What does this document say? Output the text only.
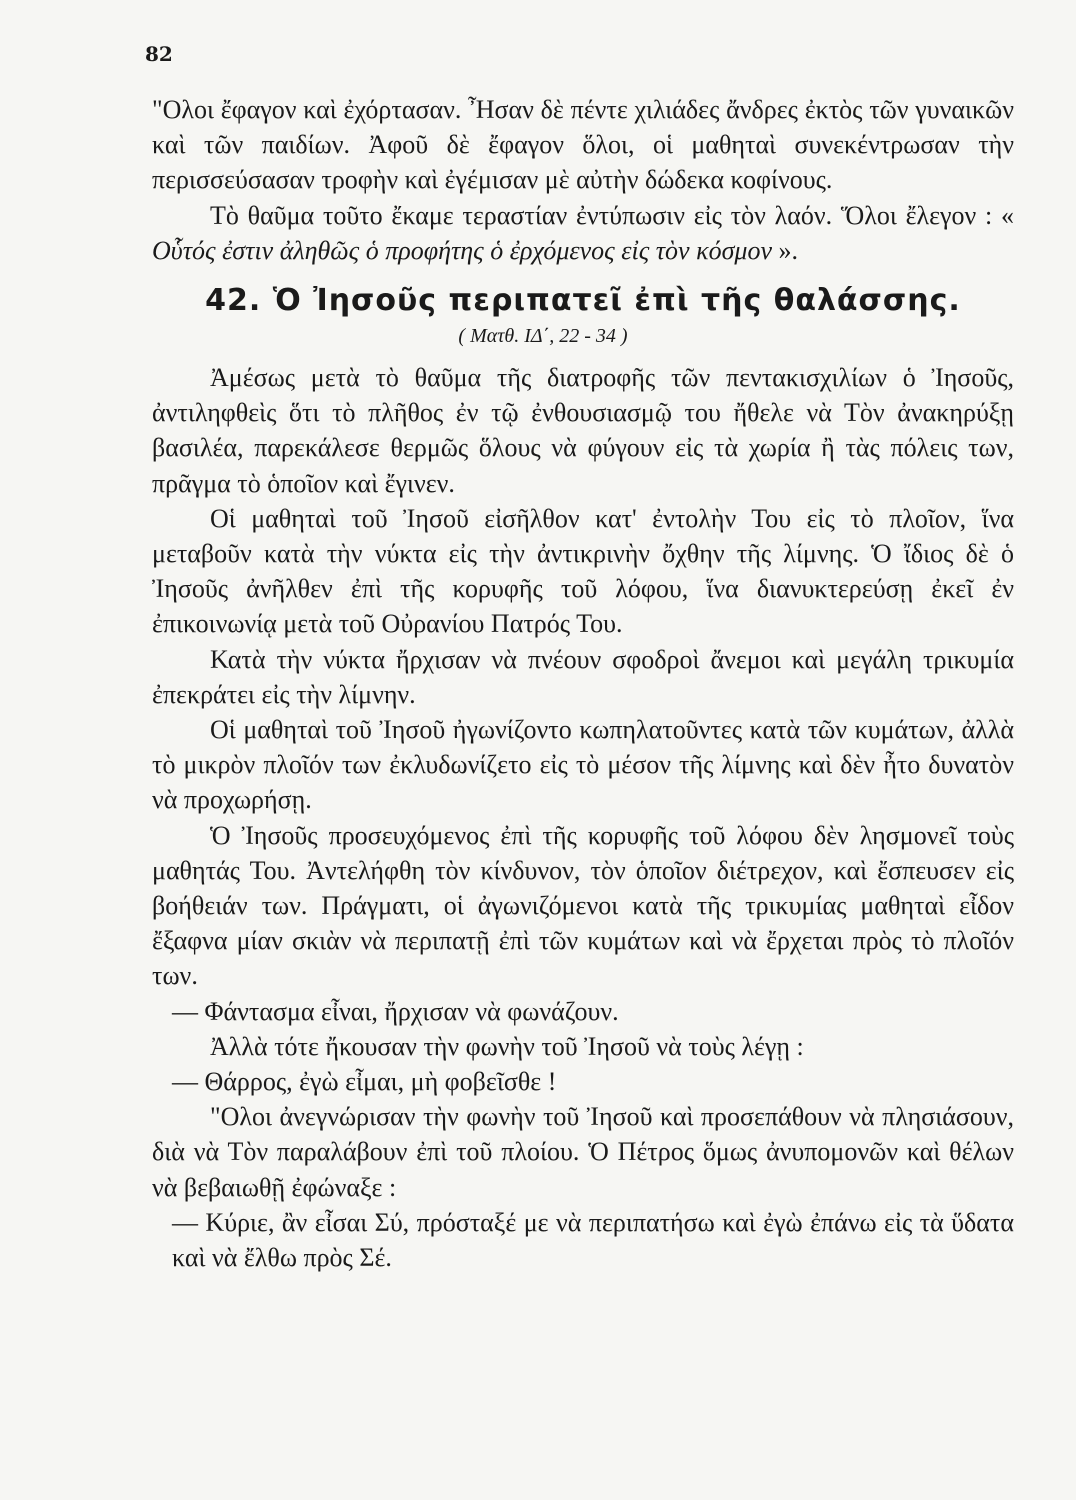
82

"Ολοι ἔφαγον καὶ ἐχόρτασαν. Ἦσαν δὲ πέντε χιλιάδες ἄνδρες ἐκτὸς τῶν γυναικῶν καὶ τῶν παιδίων. Ἀφοῦ δὲ ἔφαγον ὅλοι, οἱ μαθηταὶ συνεκέντρωσαν τὴν περισσεύσασαν τροφὴν καὶ ἐγέμισαν μὲ αὐτὴν δώδεκα κοφίνους.

Τὸ θαῦμα τοῦτο ἔκαμε τεραστίαν ἐντύπωσιν εἰς τὸν λαόν. Ὅλοι ἔλεγον : « Οὗτός ἐστιν ἀληθῶς ὁ προφήτης ὁ ἐρχόμενος εἰς τὸν κόσμον ».

42. Ὁ Ἰησοῦς περιπατεῖ ἐπὶ τῆς θαλάσσης.
( Ματθ. ΙΔ΄, 22 - 34 )

Ἀμέσως μετὰ τὸ θαῦμα τῆς διατροφῆς τῶν πεντακισχιλίων ὁ Ἰησοῦς, ἀντιληφθεὶς ὅτι τὸ πλῆθος ἐν τῷ ἐνθουσιασμῷ του ἤθελε νὰ Τὸν ἀνακηρύξῃ βασιλέα, παρεκάλεσε θερμῶς ὅλους νὰ φύγουν εἰς τὰ χωρία ἢ τὰς πόλεις των, πρᾶγμα τὸ ὁποῖον καὶ ἔγινεν.

Οἱ μαθηταὶ τοῦ Ἰησοῦ εἰσῆλθον κατ' ἐντολὴν Του εἰς τὸ πλοῖον, ἵνα μεταβοῦν κατὰ τὴν νύκτα εἰς τὴν ἀντικρινὴν ὄχθην τῆς λίμνης. Ὁ ἴδιος δὲ ὁ Ἰησοῦς ἀνῆλθεν ἐπὶ τῆς κορυφῆς τοῦ λόφου, ἵνα διανυκτερεύσῃ ἐκεῖ ἐν ἐπικοινωνίᾳ μετὰ τοῦ Οὐρανίου Πατρός Του.

Κατὰ τὴν νύκτα ἤρχισαν νὰ πνέουν σφοδροὶ ἄνεμοι καὶ μεγάλη τρικυμία ἐπεκράτει εἰς τὴν λίμνην.

Οἱ μαθηταὶ τοῦ Ἰησοῦ ἠγωνίζοντο κωπηλατοῦντες κατὰ τῶν κυμάτων, ἀλλὰ τὸ μικρὸν πλοῖόν των ἐκλυδωνίζετο εἰς τὸ μέσον τῆς λίμνης καὶ δὲν ἦτο δυνατὸν νὰ προχωρήσῃ.

Ὁ Ἰησοῦς προσευχόμενος ἐπὶ τῆς κορυφῆς τοῦ λόφου δὲν λησμονεῖ τοὺς μαθητάς Του. Ἀντελήφθη τὸν κίνδυνον, τὸν ὁποῖον διέτρεχον, καὶ ἔσπευσεν εἰς βοήθειάν των. Πράγματι, οἱ ἀγωνιζόμενοι κατὰ τῆς τρικυμίας μαθηταὶ εἶδον ἔξαφνα μίαν σκιὰν νὰ περιπατῇ ἐπὶ τῶν κυμάτων καὶ νὰ ἔρχεται πρὸς τὸ πλοῖόν των.

— Φάντασμα εἶναι, ἤρχισαν νὰ φωνάζουν.

Ἀλλὰ τότε ἤκουσαν τὴν φωνὴν τοῦ Ἰησοῦ νὰ τοὺς λέγῃ :

— Θάρρος, ἐγὼ εἶμαι, μὴ φοβεῖσθε !

"Ολοι ἀνεγνώρισαν τὴν φωνὴν τοῦ Ἰησοῦ καὶ προσεπάθουν νὰ πλησιάσουν, διὰ νὰ Τὸν παραλάβουν ἐπὶ τοῦ πλοίου. Ὁ Πέτρος ὅμως ἀνυπομονῶν καὶ θέλων νὰ βεβαιωθῇ ἐφώναξε :

— Κύριε, ἂν εἶσαι Σύ, πρόσταξέ με νὰ περιπατήσω καὶ ἐγὼ ἐπάνω εἰς τὰ ὕδατα καὶ νὰ ἔλθω πρὸς Σέ.
